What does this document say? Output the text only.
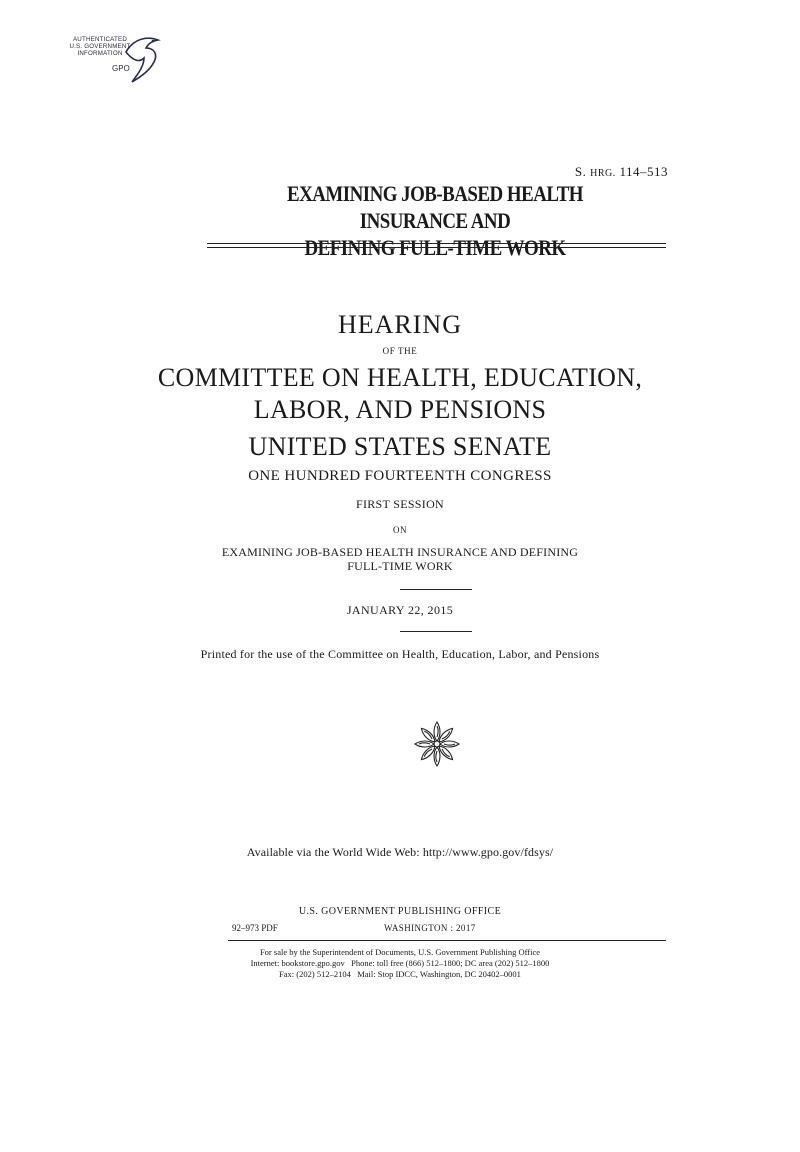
AUTHENTICATED
U.S. GOVERNMENT
INFORMATION
GPO
S. HRG. 114–513
EXAMINING JOB-BASED HEALTH INSURANCE AND
DEFINING FULL-TIME WORK
HEARING
OF THE
COMMITTEE ON HEALTH, EDUCATION,
LABOR, AND PENSIONS
UNITED STATES SENATE
ONE HUNDRED FOURTEENTH CONGRESS
FIRST SESSION
ON
EXAMINING JOB-BASED HEALTH INSURANCE AND DEFINING
FULL-TIME WORK
JANUARY 22, 2015
Printed for the use of the Committee on Health, Education, Labor, and Pensions
Available via the World Wide Web: http://www.gpo.gov/fdsys/
U.S. GOVERNMENT PUBLISHING OFFICE
92–973 PDF	WASHINGTON : 2017
For sale by the Superintendent of Documents, U.S. Government Publishing Office
Internet: bookstore.gpo.gov   Phone: toll free (866) 512–1800; DC area (202) 512–1800
Fax: (202) 512–2104   Mail: Stop IDCC, Washington, DC 20402–0001
